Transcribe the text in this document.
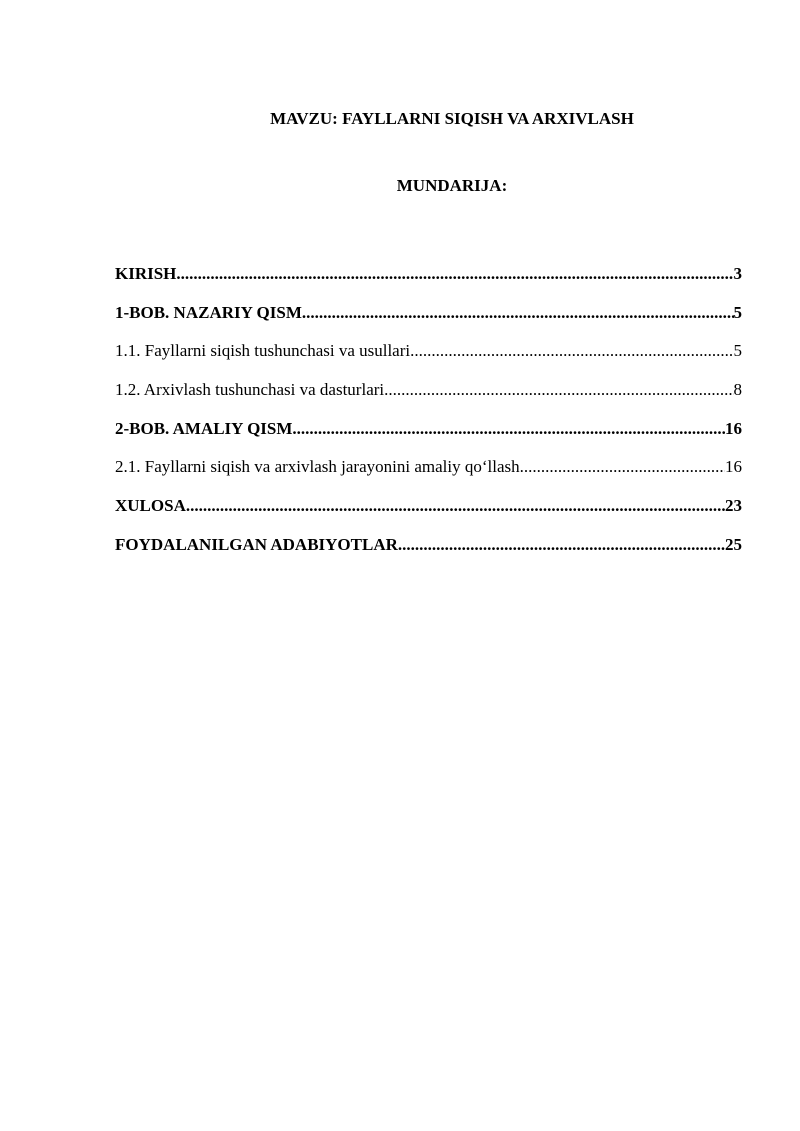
MAVZU: FAYLLARNI SIQISH VA ARXIVLASH
MUNDARIJA:
KIRISH .....	3
1-BOB. NAZARIY QISM .....	5
1.1. Fayllarni siqish tushunchasi va usullari .....	5
1.2. Arxivlash tushunchasi va dasturlari .....	8
2-BOB. AMALIY QISM .....	16
2.1. Fayllarni siqish va arxivlash jarayonini amaliy qo‘llash .....	16
XULOSA .....	23
FOYDALANILGAN ADABIYOTLAR .....	25
